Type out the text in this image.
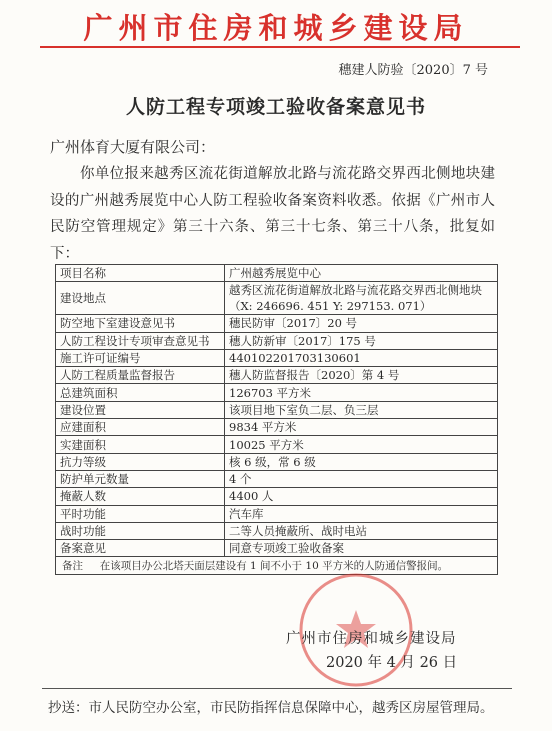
广州市住房和城乡建设局
穗建人防验〔2020〕7 号
人防工程专项竣工验收备案意见书
广州体育大厦有限公司：
你单位报来越秀区流花街道解放北路与流花路交界西北侧地块建设的广州越秀展览中心人防工程验收备案资料收悉。依据《广州市人民防空管理规定》第三十六条、第三十七条、第三十八条，批复如下：
项目名称	广州越秀展览中心
建设地点	越秀区流花街道解放北路与流花路交界西北侧地块
（X: 246696. 451 Y: 297153. 071）

防空地下室建设意见书	穗民防审〔2017〕20 号
人防工程设计专项审查意见书	穗人防新审〔2017〕175 号
施工许可证编号	440102201703130601
人防工程质量监督报告	穗人防监督报告〔2020〕第 4 号
总建筑面积	126703 平方米
建设位置	该项目地下室负二层、负三层
应建面积	9834 平方米
实建面积	10025 平方米
抗力等级	核 6 级，常 6 级
防护单元数量	4 个
掩蔽人数	4400 人
平时功能	汽车库
战时功能	二等人员掩蔽所、战时电站
备案意见	同意专项竣工验收备案
备注 在该项目办公北塔天面层建设有 1 间不小于 10 平方米的人防通信警报间。	
广州市住房和城乡建设局
2020 年 4 月 26 日
抄送：市人民防空办公室，市民防指挥信息保障中心，越秀区房屋管理局。
